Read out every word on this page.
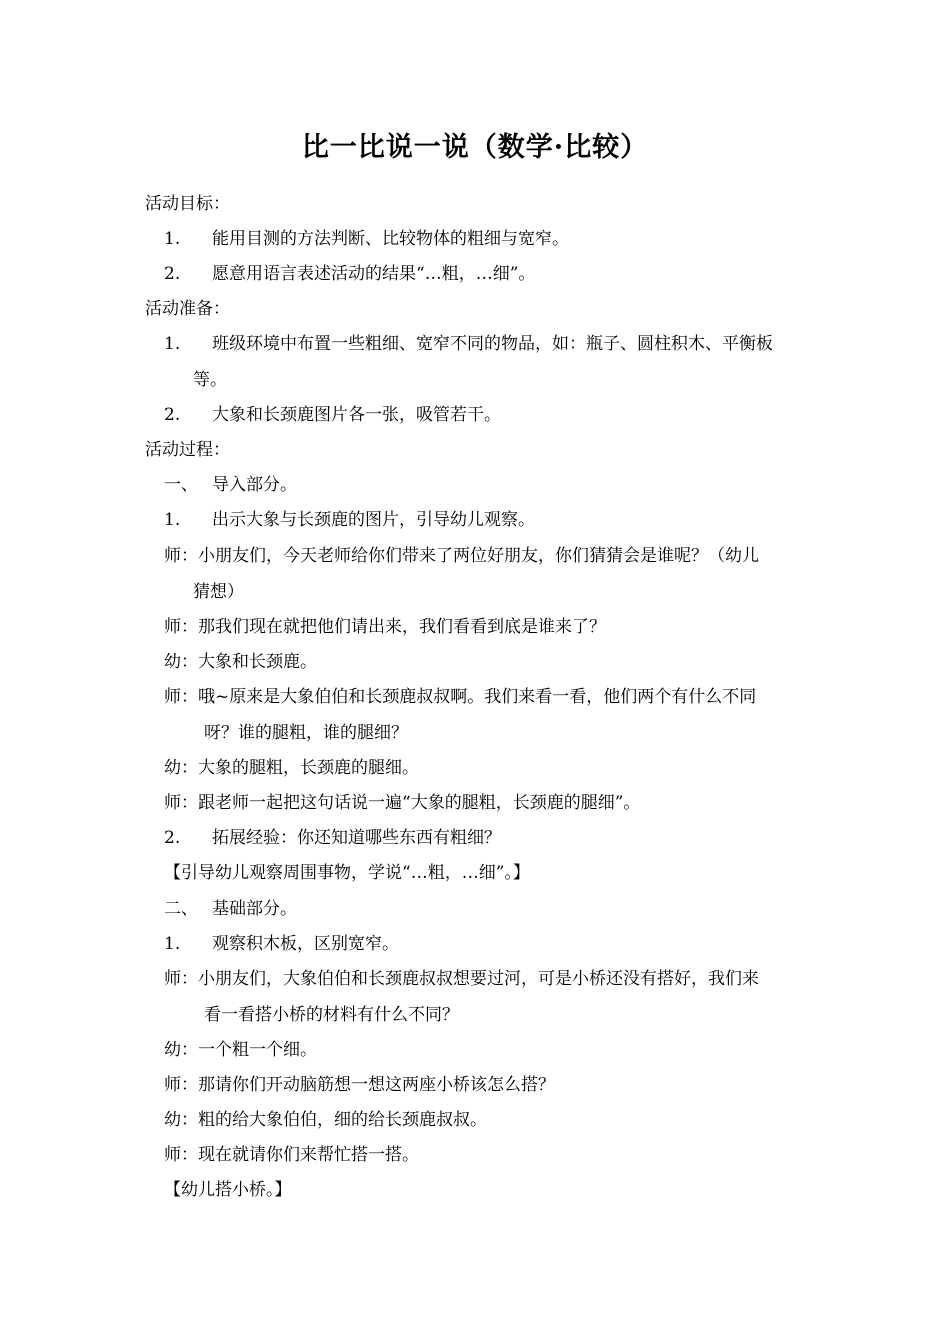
比一比说一说（数学·比较）
活动目标：
1. 能用目测的方法判断、比较物体的粗细与宽窄。
2. 愿意用语言表述活动的结果“…粗，…细”。
活动准备：
1. 班级环境中布置一些粗细、宽窄不同的物品，如：瓶子、圆柱积木、平衡板
等。
2. 大象和长颈鹿图片各一张，吸管若干。
活动过程：
一、 导入部分。
1. 出示大象与长颈鹿的图片，引导幼儿观察。
师：小朋友们，今天老师给你们带来了两位好朋友，你们猜猜会是谁呢？（幼儿
猜想）
师：那我们现在就把他们请出来，我们看看到底是谁来了？
幼：大象和长颈鹿。
师：哦~原来是大象伯伯和长颈鹿叔叔啊。我们来看一看，他们两个有什么不同
呀？谁的腿粗，谁的腿细？
幼：大象的腿粗，长颈鹿的腿细。
师：跟老师一起把这句话说一遍“大象的腿粗，长颈鹿的腿细”。
2. 拓展经验：你还知道哪些东西有粗细？
【引导幼儿观察周围事物，学说“…粗，…细”。】
二、 基础部分。
1. 观察积木板，区别宽窄。
师：小朋友们，大象伯伯和长颈鹿叔叔想要过河，可是小桥还没有搭好，我们来
看一看搭小桥的材料有什么不同？
幼：一个粗一个细。
师：那请你们开动脑筋想一想这两座小桥该怎么搭？
幼：粗的给大象伯伯，细的给长颈鹿叔叔。
师：现在就请你们来帮忙搭一搭。
【幼儿搭小桥。】
